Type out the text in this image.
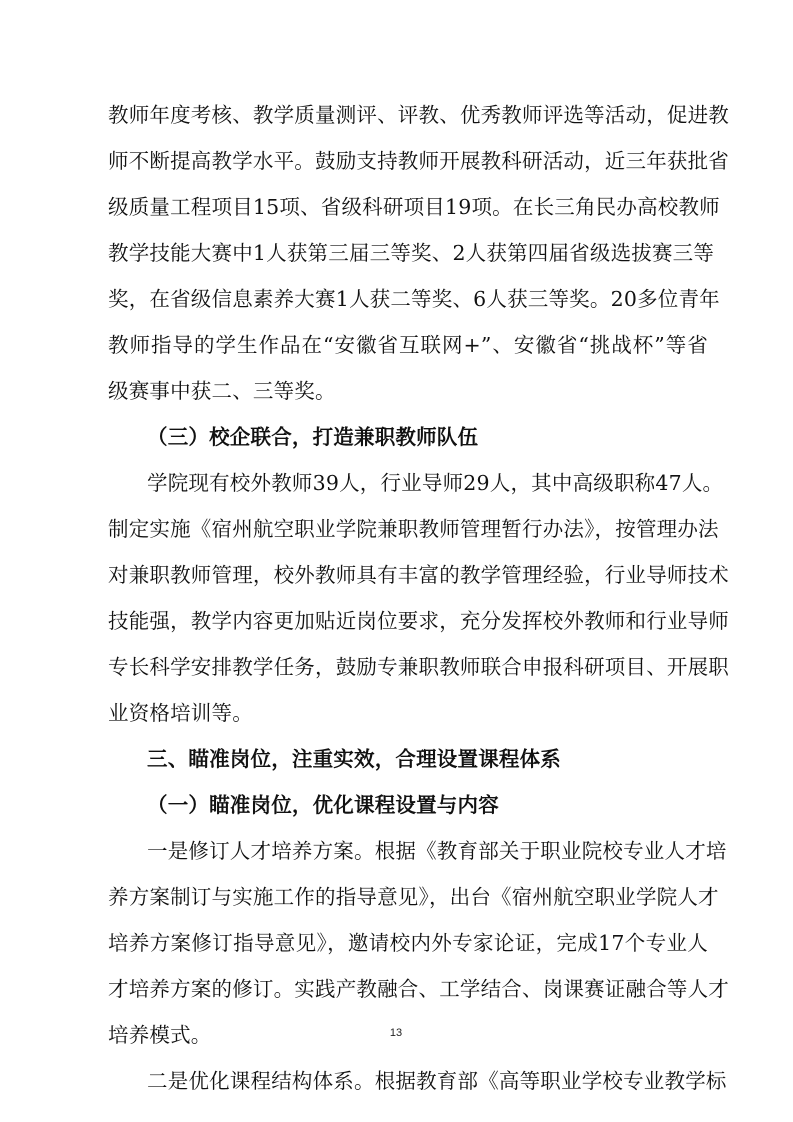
教师年度考核、教学质量测评、评教、优秀教师评选等活动，促进教
师不断提高教学水平。鼓励支持教师开展教科研活动，近三年获批省
级质量工程项目15项、省级科研项目19项。在长三角民办高校教师
教学技能大赛中1人获第三届三等奖、2人获第四届省级选拔赛三等
奖，在省级信息素养大赛1人获二等奖、6人获三等奖。20多位青年
教师指导的学生作品在“安徽省互联网+”、安徽省“挑战杯”等省
级赛事中获二、三等奖。
（三）校企联合，打造兼职教师队伍
学院现有校外教师39人，行业导师29人，其中高级职称47人。
制定实施《宿州航空职业学院兼职教师管理暂行办法》，按管理办法
对兼职教师管理，校外教师具有丰富的教学管理经验，行业导师技术
技能强，教学内容更加贴近岗位要求，充分发挥校外教师和行业导师
专长科学安排教学任务，鼓励专兼职教师联合申报科研项目、开展职
业资格培训等。
三、瞄准岗位，注重实效，合理设置课程体系
（一）瞄准岗位，优化课程设置与内容
一是修订人才培养方案。根据《教育部关于职业院校专业人才培
养方案制订与实施工作的指导意见》，出台《宿州航空职业学院人才
培养方案修订指导意见》，邀请校内外专家论证，完成17个专业人
才培养方案的修订。实践产教融合、工学结合、岗课赛证融合等人才
培养模式。
二是优化课程结构体系。根据教育部《高等职业学校专业教学标
13
